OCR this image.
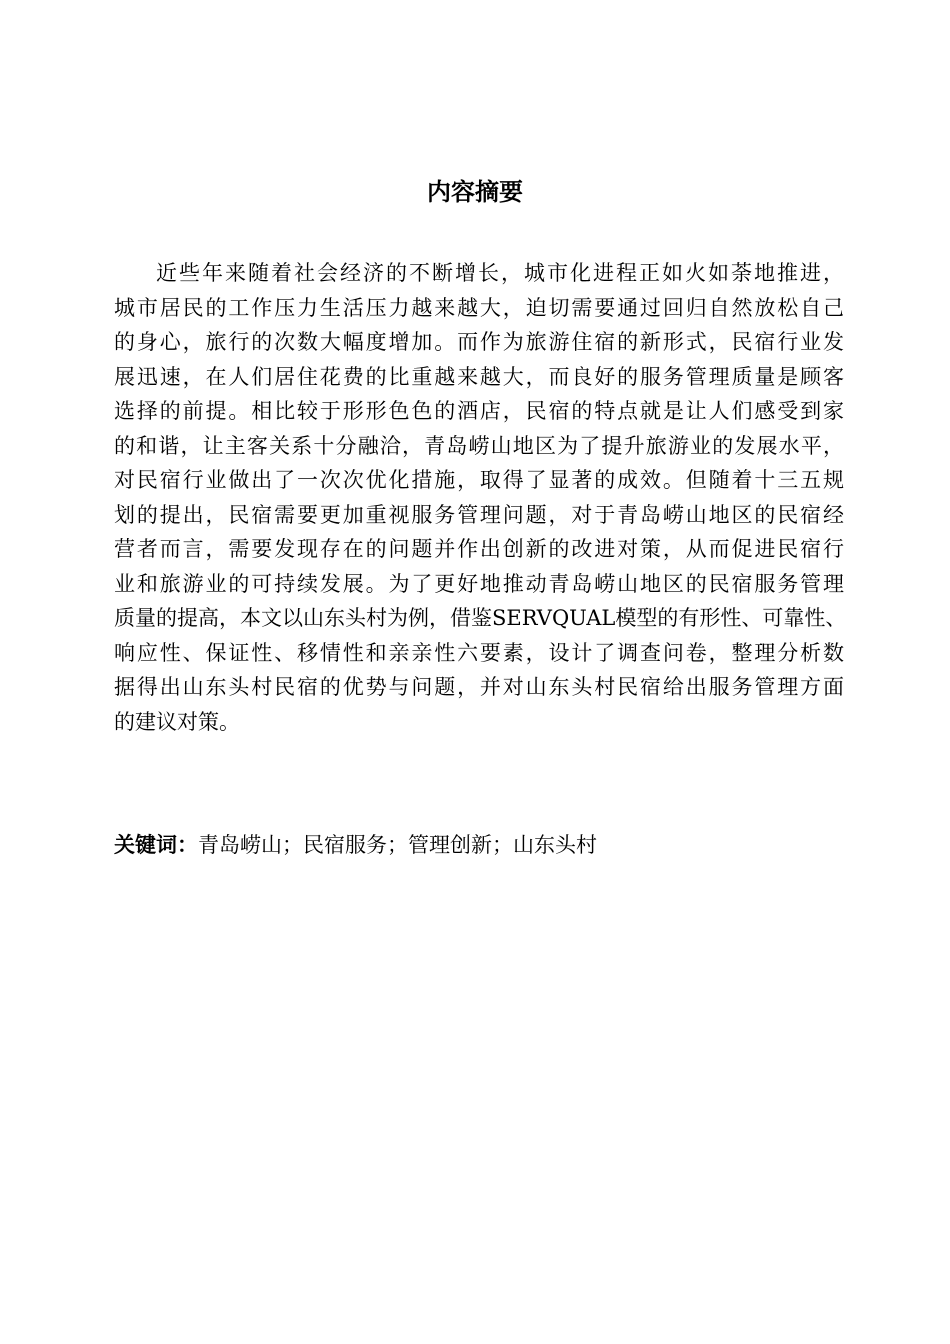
内容摘要
近些年来随着社会经济的不断增长，城市化进程正如火如荼地推进，
城市居民的工作压力生活压力越来越大，迫切需要通过回归自然放松自己
的身心，旅行的次数大幅度增加。而作为旅游住宿的新形式，民宿行业发
展迅速，在人们居住花费的比重越来越大，而良好的服务管理质量是顾客
选择的前提。相比较于形形色色的酒店，民宿的特点就是让人们感受到家
的和谐，让主客关系十分融洽，青岛崂山地区为了提升旅游业的发展水平，
对民宿行业做出了一次次优化措施，取得了显著的成效。但随着十三五规
划的提出，民宿需要更加重视服务管理问题，对于青岛崂山地区的民宿经
营者而言，需要发现存在的问题并作出创新的改进对策，从而促进民宿行
业和旅游业的可持续发展。为了更好地推动青岛崂山地区的民宿服务管理
质量的提高，本文以山东头村为例，借鉴SERVQUAL模型的有形性、可靠性、
响应性、保证性、移情性和亲亲性六要素，设计了调查问卷，整理分析数
据得出山东头村民宿的优势与问题，并对山东头村民宿给出服务管理方面
的建议对策。
关键词：青岛崂山；民宿服务；管理创新；山东头村
